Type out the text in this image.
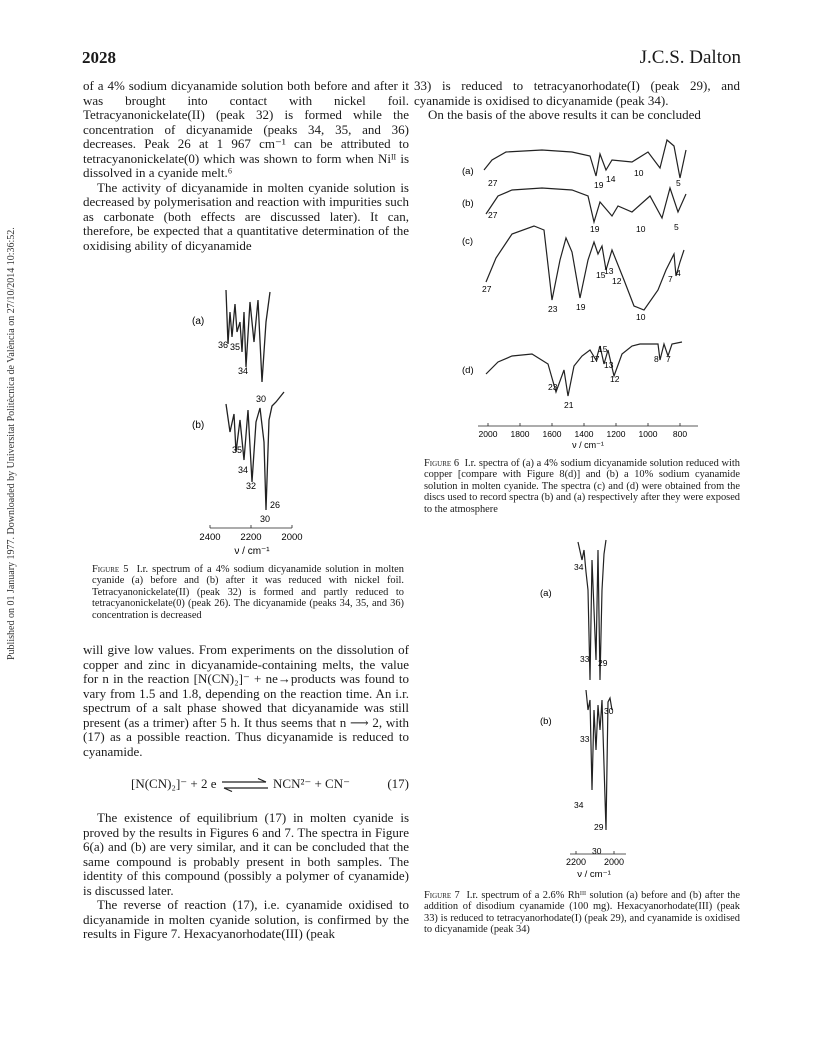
2028	J.C.S. Dalton
Published on 01 January 1977. Downloaded by Universitat Politècnica de València on 27/10/2014 10:36:52.

of a 4% sodium dicyanamide solution both before and after it was brought into contact with nickel foil. Tetracyanonickelate(II) (peak 32) is formed while the concentration of dicyanamide (peaks 34, 35, and 36) decreases. Peak 26 at 1 967 cm⁻¹ can be attributed to tetracyanonickelate(0) which was shown to form when Niᴵᴵ is dissolved in a cyanide melt.⁶

The activity of dicyanamide in molten cyanide solution is decreased by polymerisation and reaction with impurities such as carbonate (both effects are discussed later). It can, therefore, be expected that a quantitative determination of the oxidising ability of dicyanamide

33) is reduced to tetracyanorhodate(I) (peak 29), and cyanamide is oxidised to dicyanamide (peak 34).

On the basis of the above results it can be concluded

(a)
(b)
36 35
34
30
35
34
32
26
30
2400 2200 2000
ν / cm⁻¹
Figure 5 I.r. spectrum of a 4% sodium dicyanamide solution in molten cyanide (a) before and (b) after it was reduced with nickel foil. Tetracyanonickelate(II) (peak 32) is formed and partly reduced to tetracyanonickelate(0) (peak 26). The dicyanamide (peaks 34, 35, and 36) concentration is decreased
(a)
(b)
(c)
(d)
27	19
14
10
5
27
19	10	5
27
23 19
15
13
12
10
7
4
23
21
17
15
13
12
8 7
2000 1800 1600 1400 1200 1000 800
ν / cm⁻¹
Figure 6 I.r. spectra of (a) a 4% sodium dicyanamide solution reduced with copper [compare with Figure 8(d)] and (b) a 10% sodium cyanamide solution in molten cyanide. The spectra (c) and (d) were obtained from the discs used to record spectra (b) and (a) respectively after they were exposed to the atmosphere
(a)
(b)
34
33 29
30
33
34
29
30
2200 2000
ν / cm⁻¹
Figure 7 I.r. spectrum of a 2.6% Rhᴵᴵᴵ solution (a) before and (b) after the addition of disodium cyanamide (100 mg). Hexacyanorhodate(III) (peak 33) is reduced to tetracyanorhodate(I) (peak 29), and cyanamide is oxidised to dicyanamide (peak 34)

will give low values. From experiments on the dissolution of copper and zinc in dicyanamide-containing melts, the value for n in the reaction [N(CN)₂]⁻ + ne→products was found to vary from 1.5 and 1.8, depending on the reaction time. An i.r. spectrum of a salt phase showed that dicyanamide was still present (as a trimer) after 5 h. It thus seems that n ⟶ 2, with (17) as a possible reaction. Thus dicyanamide is reduced to cyanamide.

[N(CN)₂]⁻ + 2 e ⇌ NCN²⁻ + CN⁻	(17)

The existence of equilibrium (17) in molten cyanide is proved by the results in Figures 6 and 7. The spectra in Figure 6(a) and (b) are very similar, and it can be concluded that the same compound is probably present in both samples. The identity of this compound (possibly a polymer of cyanamide) is discussed later.

The reverse of reaction (17), i.e. cyanamide oxidised to dicyanamide in molten cyanide solution, is confirmed by the results in Figure 7. Hexacyanorhodate(III) (peak
